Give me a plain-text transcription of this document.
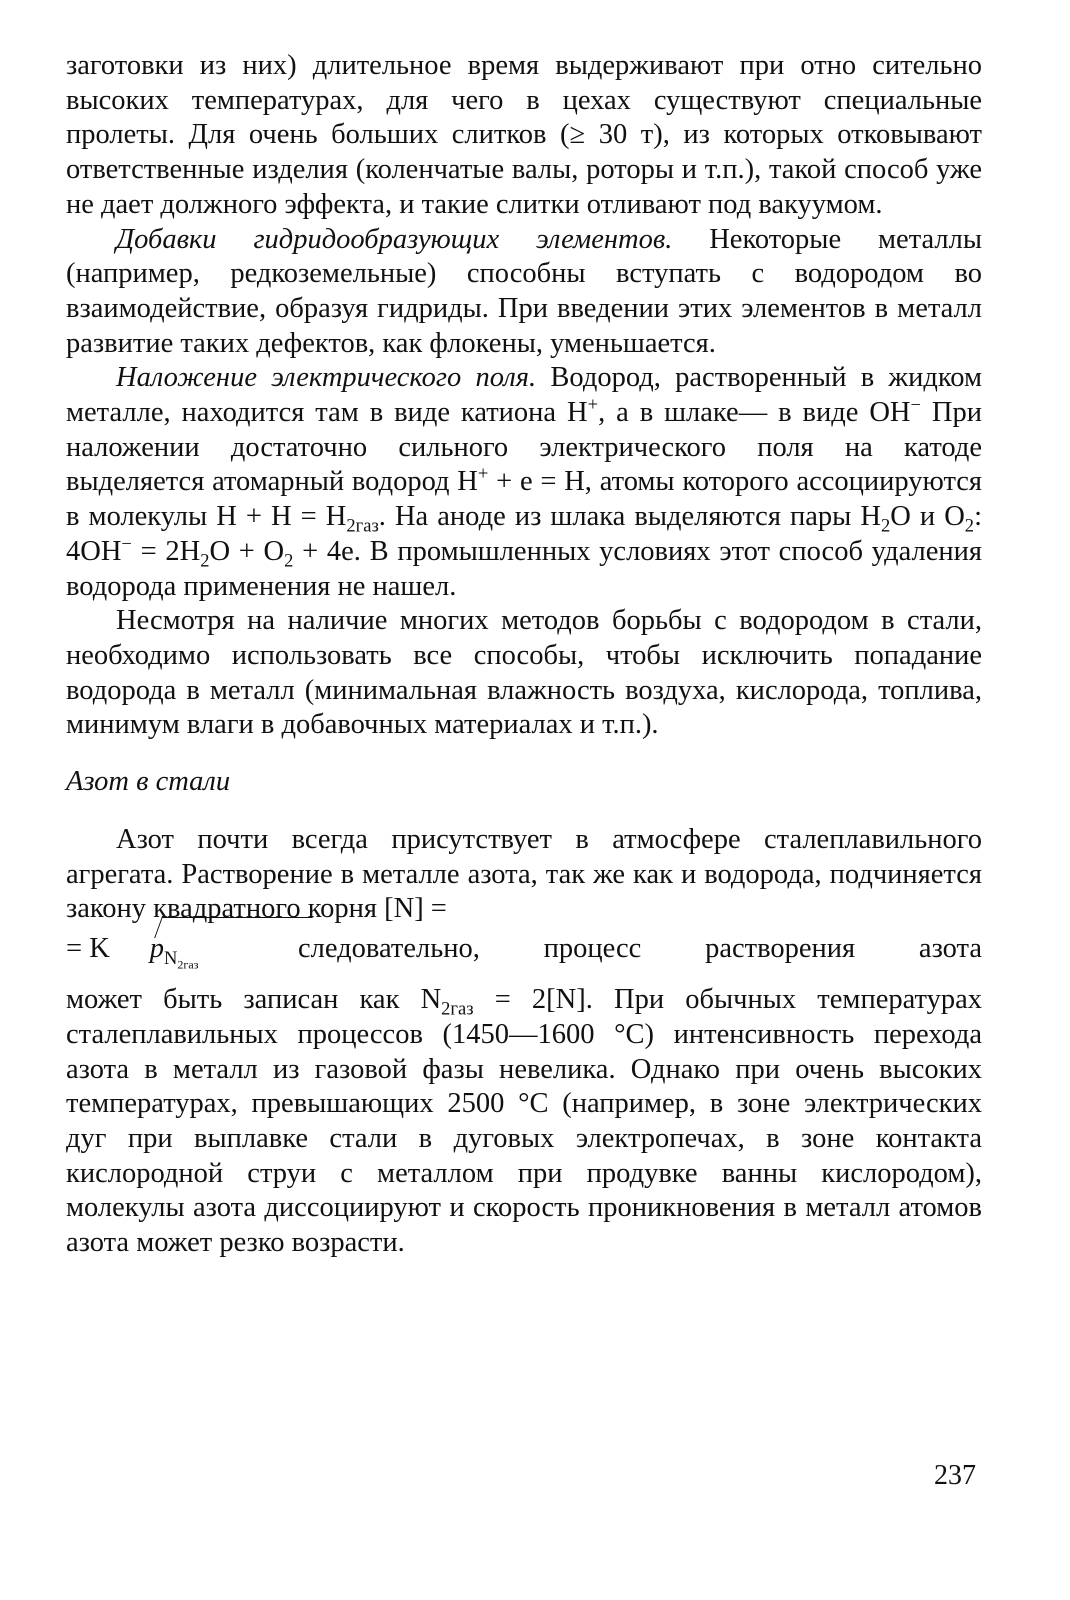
заготовки из них) длительное время выдерживают при отно сительно высоких температурах, для чего в цехах существуют специальные пролеты. Для очень больших слитков (≥ 30 т), из которых отковывают ответственные изделия (коленчатые валы, роторы и т.п.), такой способ уже не дает должного эффекта, и такие слитки отливают под вакуумом.

Добавки гидридообразующих элементов. Некоторые металлы (например, редкоземельные) способны вступать с водородом во взаимодействие, образуя гидриды. При введении этих элементов в металл развитие таких дефектов, как флокены, уменьшается.

Наложение электрического поля. Водород, растворенный в жидком металле, находится там в виде катиона H+, а в шлаке— в виде OH− При наложении достаточно сильного электрического поля на катоде выделяется атомарный водород H+ + e = H, атомы которого ассоциируются в молекулы $H + H = H_{2газ}$. На аноде из шлака выделяются пары $H_2O$ и $O_2$: $4OH^- = 2H_2O + O_2 + 4e$. В промышленных условиях этот способ удаления водорода применения не нашел.

Несмотря на наличие многих методов борьбы с водородом в стали, необходимо использовать все способы, чтобы исключить попадание водорода в металл (минимальная влажность воздуха, кислорода, топлива, минимум влаги в добавочных материалах и т.п.).

Азот в стали

Азот почти всегда присутствует в атмосфере сталеплавильного агрегата. Растворение в металле азота, так же как и водорода, подчиняется закону квадратного корня [N] =

= K $p_{N_{2газ}}$
следовательно, процесс растворения азота

может быть записан как $N_{2газ} = 2[N]$. При обычных температурах сталеплавильных процессов (1450—1600 °C) интенсивность перехода азота в металл из газовой фазы невелика. Однако при очень высоких температурах, превышающих 2500 °C (например, в зоне электрических дуг при выплавке стали в дуговых электропечах, в зоне контакта кислородной струи с металлом при продувке ванны кислородом), молекулы азота диссоциируют и скорость проникновения в металл атомов азота может резко возрасти.

237
